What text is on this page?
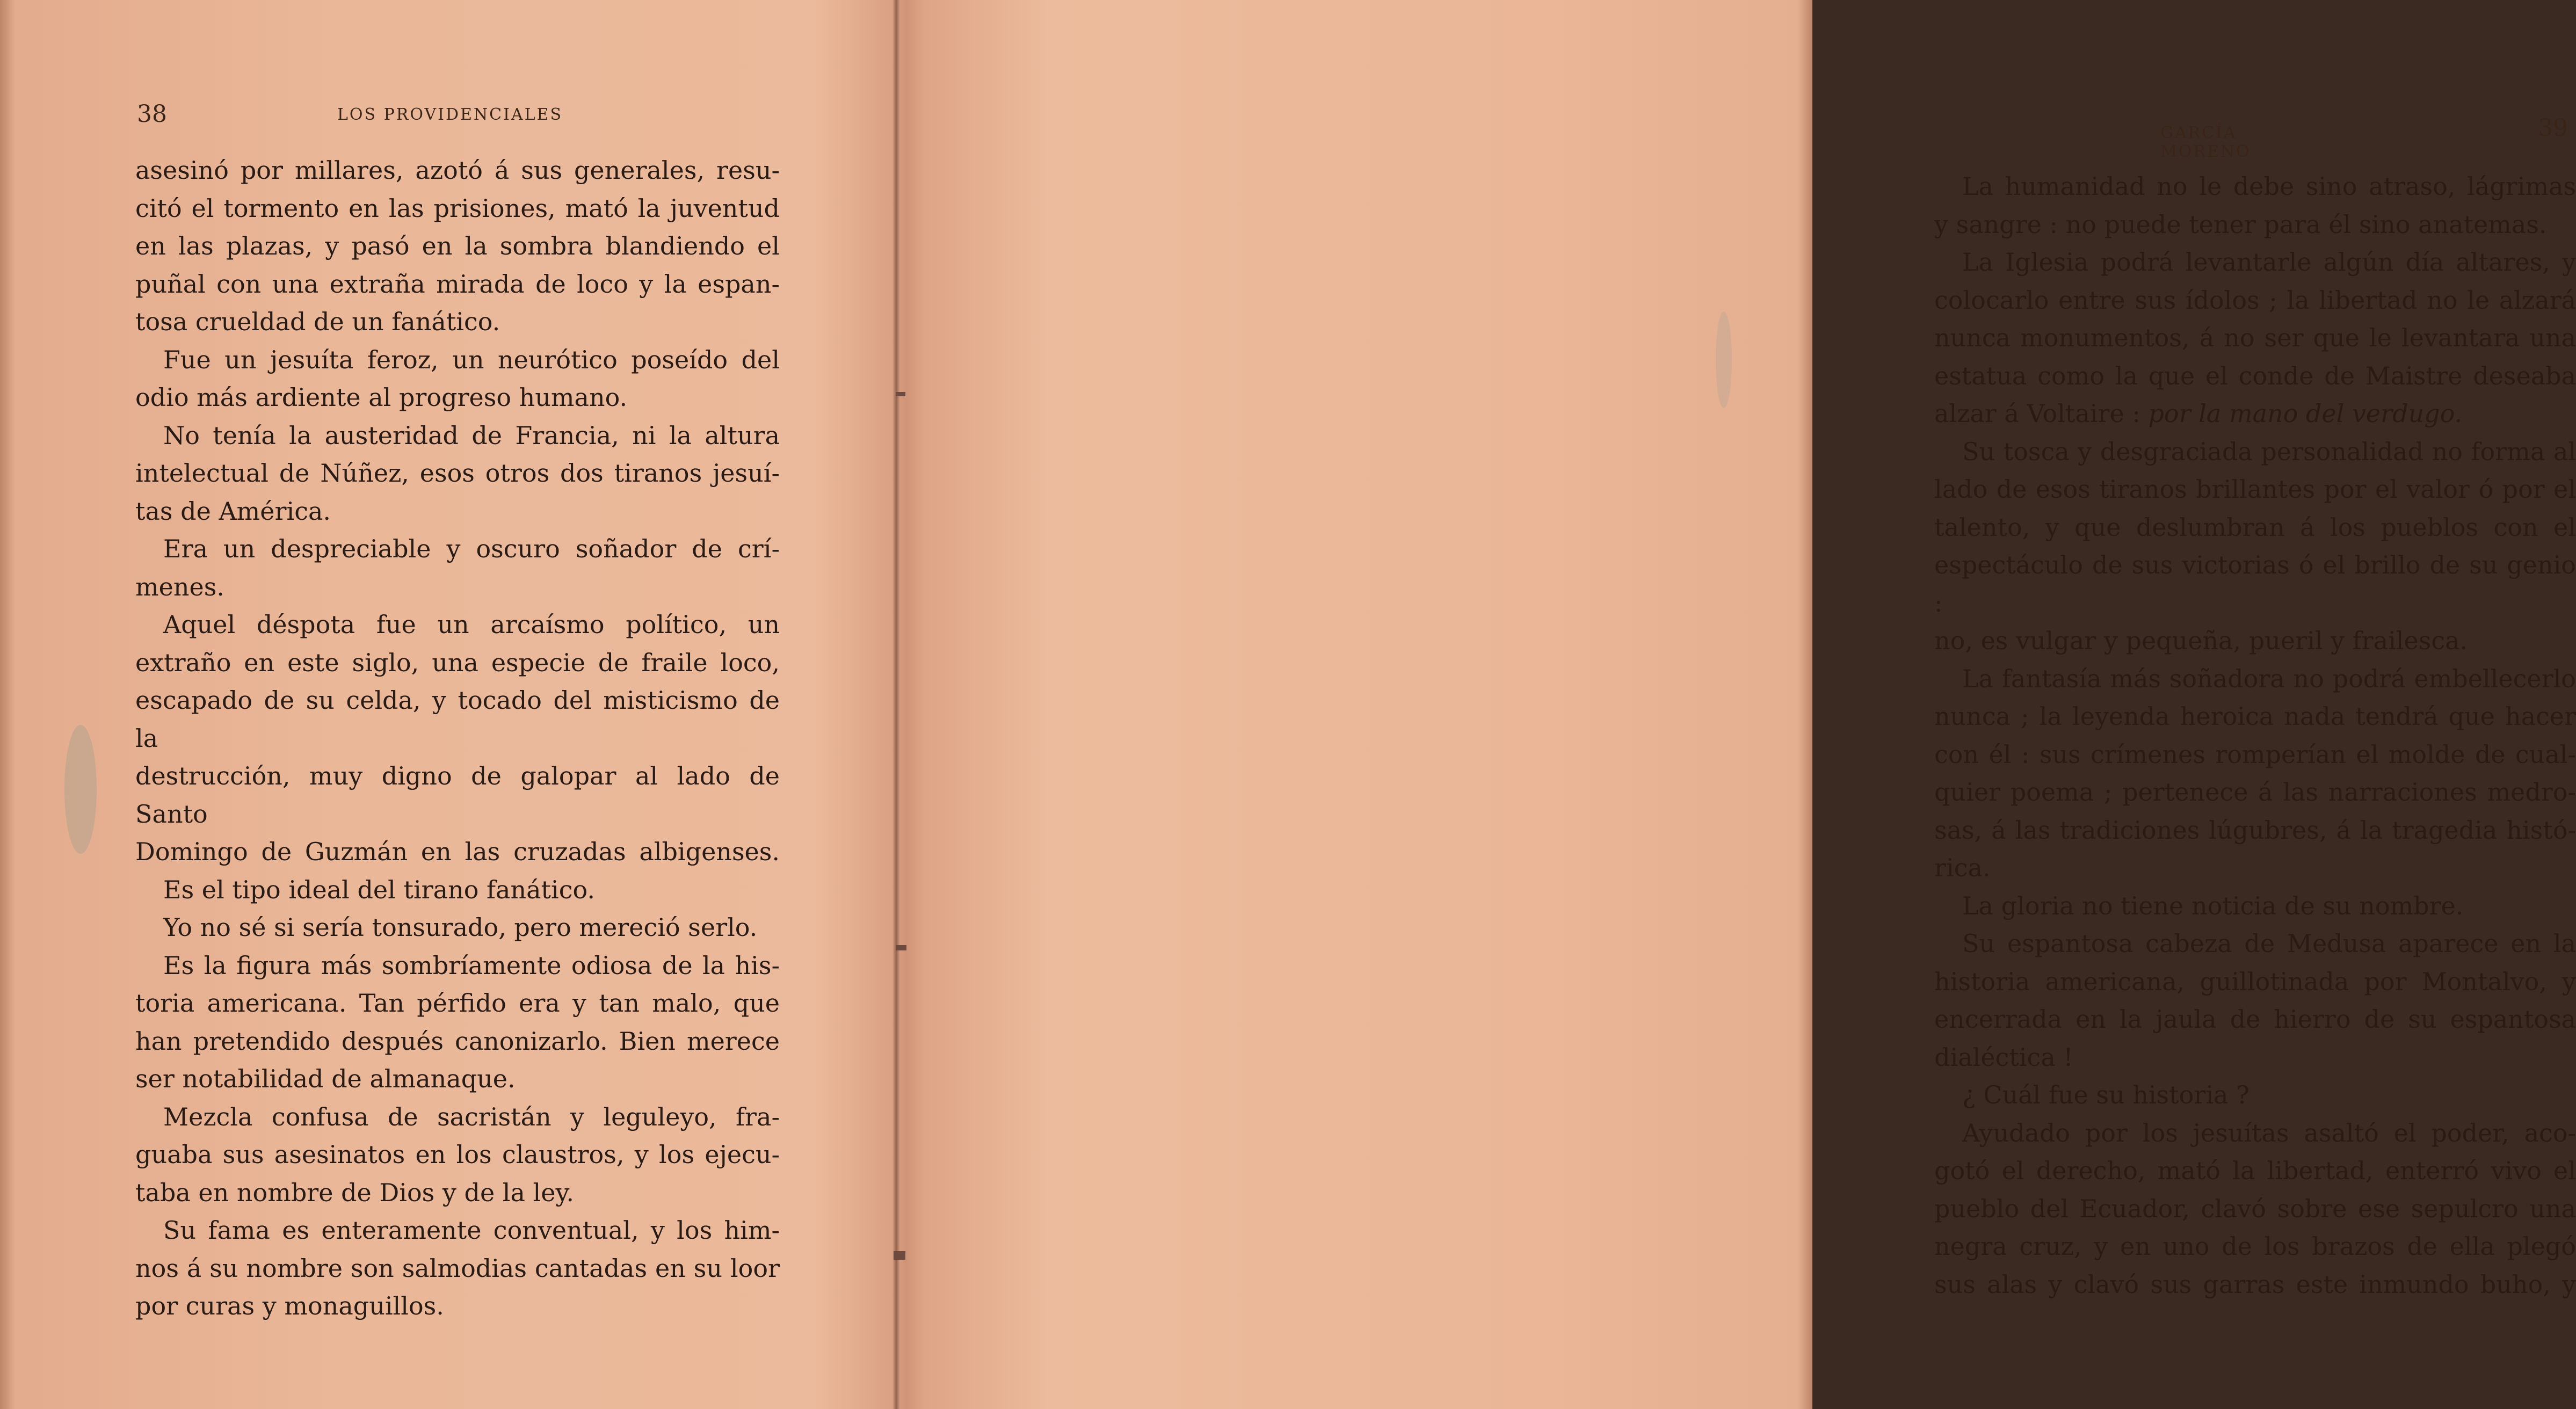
38	LOS PROVIDENCIALES

asesinó por millares, azotó á sus generales, resu-

citó el tormento en las prisiones, mató la juventud

en las plazas, y pasó en la sombra blandiendo el

puñal con una extraña mirada de loco y la espan-

tosa crueldad de un fanático.

Fue un jesuíta feroz, un neurótico poseído del

odio más ardiente al progreso humano.

No tenía la austeridad de Francia, ni la altura

intelectual de Núñez, esos otros dos tiranos jesuí-

tas de América.

Era un despreciable y oscuro soñador de crí-

menes.

Aquel déspota fue un arcaísmo político, un

extraño en este siglo, una especie de fraile loco,

escapado de su celda, y tocado del misticismo de la

destrucción, muy digno de galopar al lado de Santo

Domingo de Guzmán en las cruzadas albigenses.

Es el tipo ideal del tirano fanático.

Yo no sé si sería tonsurado, pero mereció serlo.

Es la figura más sombríamente odiosa de la his-

toria americana. Tan pérfido era y tan malo, que

han pretendido después canonizarlo. Bien merece

ser notabilidad de almanaque.

Mezcla confusa de sacristán y leguleyo, fra-

guaba sus asesinatos en los claustros, y los ejecu-

taba en nombre de Dios y de la ley.

Su fama es enteramente conventual, y los him-

nos á su nombre son salmodias cantadas en su loor

por curas y monaguillos.

GARCÍA MORENO
39

La humanidad no le debe sino atraso, lágrimas

y sangre : no puede tener para él sino anatemas.

La Iglesia podrá levantarle algún día altares, y

colocarlo entre sus ídolos ; la libertad no le alzará

nunca monumentos, á no ser que le levantara una

estatua como la que el conde de Maistre deseaba

alzar á Voltaire : por la mano del verdugo.

Su tosca y desgraciada personalidad no forma al

lado de esos tiranos brillantes por el valor ó por el

talento, y que deslumbran á los pueblos con el

espectáculo de sus victorias ó el brillo de su genio :

no, es vulgar y pequeña, pueril y frailesca.

La fantasía más soñadora no podrá embellecerlo

nunca ; la leyenda heroica nada tendrá que hacer

con él : sus crímenes romperían el molde de cual-

quier poema ; pertenece á las narraciones medro-

sas, á las tradiciones lúgubres, á la tragedia histó-

rica.

La gloria no tiene noticia de su nombre.

Su espantosa cabeza de Medusa aparece en la

historia americana, guillotinada por Montalvo, y

encerrada en la jaula de hierro de su espantosa

dialéctica !

¿ Cuál fue su historia ?

Ayudado por los jesuítas asaltó el poder, aco-

gotó el derecho, mató la libertad, enterró vivo el

pueblo del Ecuador, clavó sobre ese sepulcro una

negra cruz, y en uno de los brazos de ella plegó

sus alas y clavó sus garras este inmundo buho, y
